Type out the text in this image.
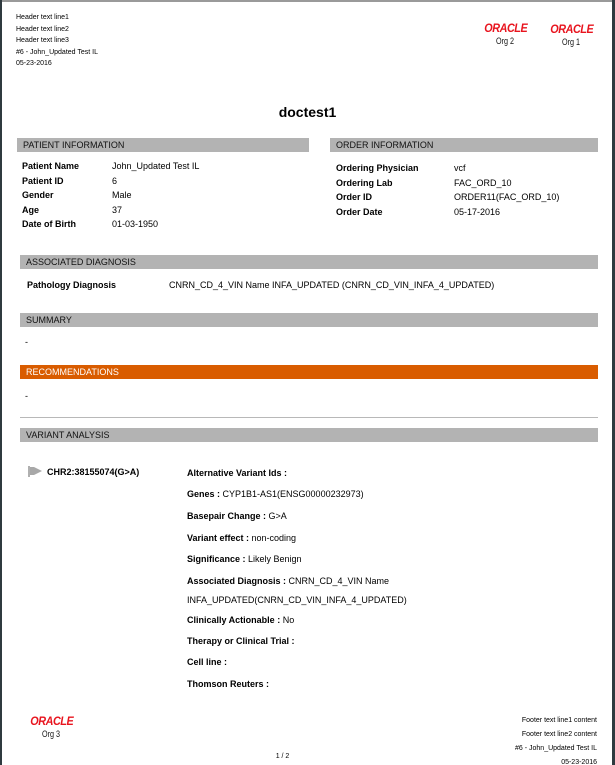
Header text line1
Header text line2
Header text line3
#6 - John_Updated Test IL
05-23-2016
ORACLE
Org 2
ORACLE
Org 1
doctest1
PATIENT INFORMATION
Patient Name	John_Updated Test IL
Patient ID	6
Gender	Male
Age	37
Date of Birth	01-03-1950
ORDER INFORMATION
Ordering Physician	vcf
Ordering Lab	FAC_ORD_10
Order ID	ORDER11(FAC_ORD_10)
Order Date	05-17-2016
ASSOCIATED DIAGNOSIS
Pathology Diagnosis	CNRN_CD_4_VIN Name INFA_UPDATED (CNRN_CD_VIN_INFA_4_UPDATED)
SUMMARY
-
RECOMMENDATIONS
-
VARIANT ANALYSIS
CHR2:38155074(G>A)	Alternative Variant Ids :
Genes : CYP1B1-AS1(ENSG00000232973)
Basepair Change : G>A
Variant effect : non-coding
Significance : Likely Benign
Associated Diagnosis : CNRN_CD_4_VIN Name
INFA_UPDATED(CNRN_CD_VIN_INFA_4_UPDATED)
Clinically Actionable : No
Therapy or Clinical Trial :
Cell line :
Thomson Reuters :
ORACLE
Org 3
Footer text line1 content
Footer text line2 content
#6 - John_Updated Test IL
05-23-2016
1 / 2
